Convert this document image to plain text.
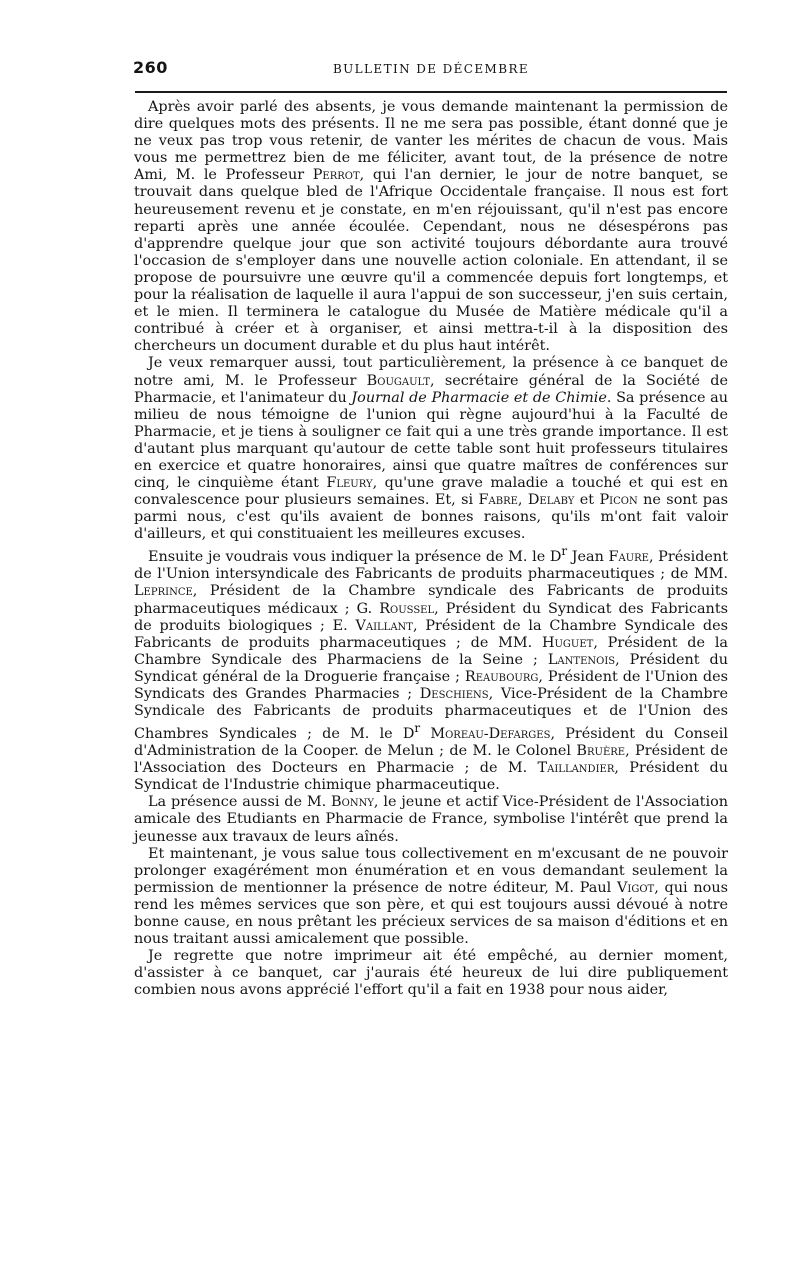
260	BULLETIN DE DÉCEMBRE

Après avoir parlé des absents, je vous demande maintenant la permission de dire quelques mots des présents. Il ne me sera pas possible, étant donné que je ne veux pas trop vous retenir, de vanter les mérites de chacun de vous. Mais vous me permettrez bien de me féliciter, avant tout, de la présence de notre Ami, M. le Professeur Perrot, qui l'an dernier, le jour de notre banquet, se trouvait dans quelque bled de l'Afrique Occidentale française. Il nous est fort heureusement revenu et je constate, en m'en réjouissant, qu'il n'est pas encore reparti après une année écoulée. Cependant, nous ne désespérons pas d'apprendre quelque jour que son activité toujours débordante aura trouvé l'occasion de s'employer dans une nouvelle action coloniale. En attendant, il se propose de poursuivre une œuvre qu'il a commencée depuis fort longtemps, et pour la réalisation de laquelle il aura l'appui de son successeur, j'en suis certain, et le mien. Il terminera le catalogue du Musée de Matière médicale qu'il a contribué à créer et à organiser, et ainsi mettra-t-il à la disposition des chercheurs un document durable et du plus haut intérêt.

Je veux remarquer aussi, tout particulièrement, la présence à ce banquet de notre ami, M. le Professeur Bougault, secrétaire général de la Société de Pharmacie, et l'animateur du Journal de Pharmacie et de Chimie. Sa présence au milieu de nous témoigne de l'union qui règne aujourd'hui à la Faculté de Pharmacie, et je tiens à souligner ce fait qui a une très grande importance. Il est d'autant plus marquant qu'autour de cette table sont huit professeurs titulaires en exercice et quatre honoraires, ainsi que quatre maîtres de conférences sur cinq, le cinquième étant Fleury, qu'une grave maladie a touché et qui est en convalescence pour plusieurs semaines. Et, si Fabre, Delaby et Picon ne sont pas parmi nous, c'est qu'ils avaient de bonnes raisons, qu'ils m'ont fait valoir d'ailleurs, et qui constituaient les meilleures excuses.

Ensuite je voudrais vous indiquer la présence de M. le $D^r$ Jean Faure, Président de l'Union intersyndicale des Fabricants de produits pharmaceutiques ; de MM. Leprince, Président de la Chambre syndicale des Fabricants de produits pharmaceutiques médicaux ; G. Roussel, Président du Syndicat des Fabricants de produits biologiques ; E. Vaillant, Président de la Chambre Syndicale des Fabricants de produits pharmaceutiques ; de MM. Huguet, Président de la Chambre Syndicale des Pharmaciens de la Seine ; Lantenois, Président du Syndicat général de la Droguerie française ; Reaubourg, Président de l'Union des Syndicats des Grandes Pharmacies ; Deschiens, Vice-Président de la Chambre Syndicale des Fabricants de produits pharmaceutiques et de l'Union des Chambres Syndicales ; de M. le $D^r$ Moreau-Defarges, Président du Conseil d'Administration de la Cooper. de Melun ; de M. le Colonel Bruère, Président de l'Association des Docteurs en Pharmacie ; de M. Taillandier, Président du Syndicat de l'Industrie chimique pharmaceutique.

La présence aussi de M. Bonny, le jeune et actif Vice-Président de l'Association amicale des Etudiants en Pharmacie de France, symbolise l'intérêt que prend la jeunesse aux travaux de leurs aînés.

Et maintenant, je vous salue tous collectivement en m'excusant de ne pouvoir prolonger exagérément mon énumération et en vous demandant seulement la permission de mentionner la présence de notre éditeur, M. Paul Vigot, qui nous rend les mêmes services que son père, et qui est toujours aussi dévoué à notre bonne cause, en nous prêtant les précieux services de sa maison d'éditions et en nous traitant aussi amicalement que possible.

Je regrette que notre imprimeur ait été empêché, au dernier moment, d'assister à ce banquet, car j'aurais été heureux de lui dire publiquement combien nous avons apprécié l'effort qu'il a fait en 1938 pour nous aider,
